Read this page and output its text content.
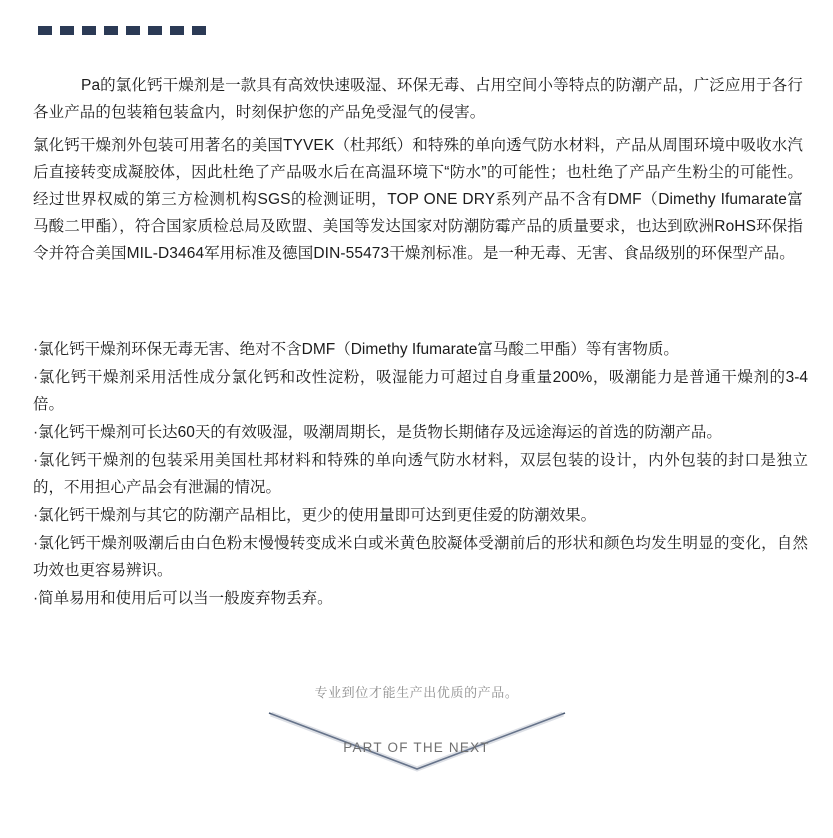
Pa的氯化钙干燥剂是一款具有高效快速吸湿、环保无毒、占用空间小等特点的防潮产品，广泛应用于各行各业产品的包装箱包装盒内，时刻保护您的产品免受湿气的侵害。

氯化钙干燥剂外包装可用著名的美国TYVEK（杜邦纸）和特殊的单向透气防水材料，产品从周围环境中吸收水汽后直接转变成凝胶体，因此杜绝了产品吸水后在高温环境下“防水”的可能性；也杜绝了产品产生粉尘的可能性。经过世界权威的第三方检测机构SGS的检测证明，TOP ONE DRY系列产品不含有DMF（Dimethy Ifumarate富马酸二甲酯），符合国家质检总局及欧盟、美国等发达国家对防潮防霉产品的质量要求，也达到欧洲RoHS环保指令并符合美国MIL-D3464军用标准及德国DIN-55473干燥剂标准。是一种无毒、无害、食品级别的环保型产品。

·氯化钙干燥剂环保无毒无害、绝对不含DMF（Dimethy Ifumarate富马酸二甲酯）等有害物质。

·氯化钙干燥剂采用活性成分氯化钙和改性淀粉，吸湿能力可超过自身重量200%，吸潮能力是普通干燥剂的3-4倍。

·氯化钙干燥剂可长达60天的有效吸湿，吸潮周期长，是货物长期储存及远途海运的首选的防潮产品。

·氯化钙干燥剂的包装采用美国杜邦材料和特殊的单向透气防水材料，双层包装的设计，内外包装的封口是独立的，不用担心产品会有泄漏的情况。

·氯化钙干燥剂与其它的防潮产品相比，更少的使用量即可达到更佳爱的防潮效果。

·氯化钙干燥剂吸潮后由白色粉末慢慢转变成米白或米黄色胶凝体受潮前后的形状和颜色均发生明显的变化，自然功效也更容易辨识。

·简单易用和使用后可以当一般废弃物丢弃。

专业到位才能生产出优质的产品。
PART OF THE NEXT
